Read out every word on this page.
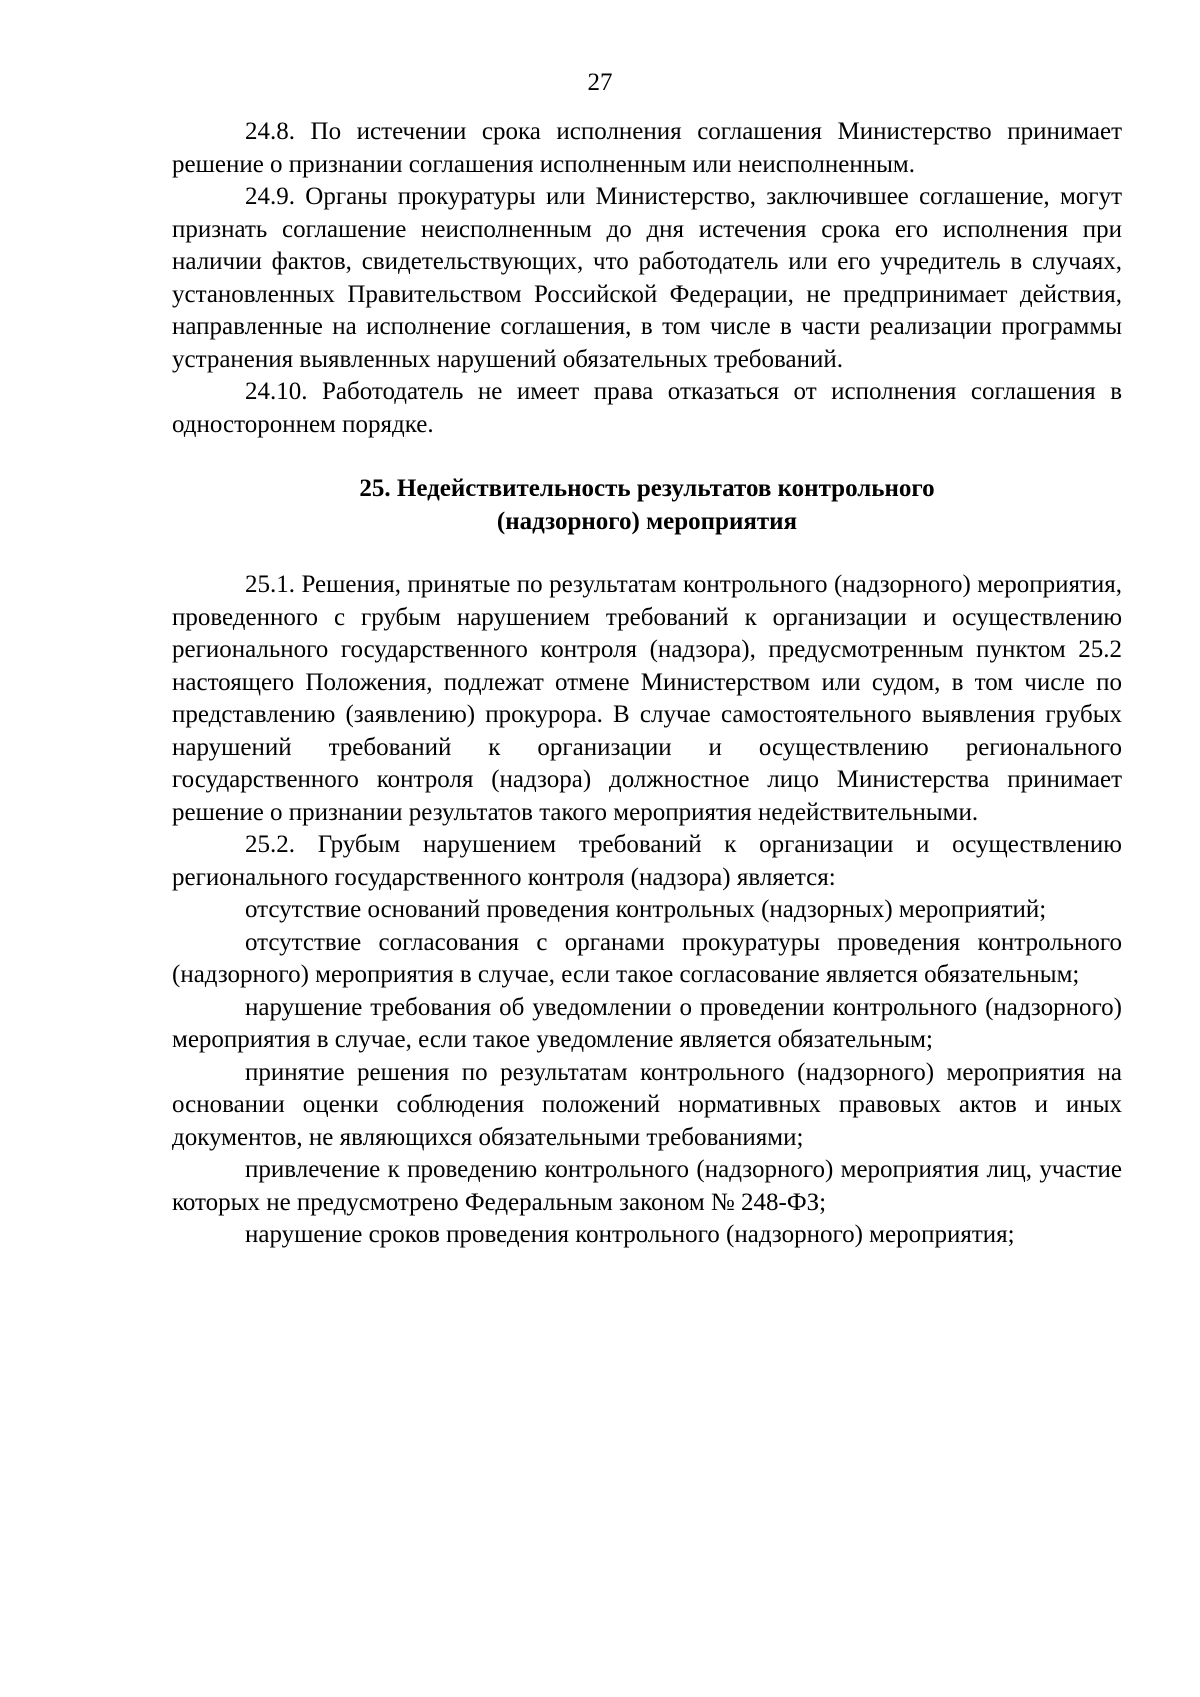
27

24.8. По истечении срока исполнения соглашения Министерство принимает решение о признании соглашения исполненным или неисполненным.

24.9. Органы прокуратуры или Министерство, заключившее соглашение, могут признать соглашение неисполненным до дня истечения срока его исполнения при наличии фактов, свидетельствующих, что работодатель или его учредитель в случаях, установленных Правительством Российской Федерации, не предпринимает действия, направленные на исполнение соглашения, в том числе в части реализации программы устранения выявленных нарушений обязательных требований.

24.10. Работодатель не имеет права отказаться от исполнения соглашения в одностороннем порядке.

25. Недействительность результатов контрольного
(надзорного) мероприятия

25.1. Решения, принятые по результатам контрольного (надзорного) мероприятия, проведенного с грубым нарушением требований к организации и осуществлению регионального государственного контроля (надзора), предусмотренным пунктом 25.2 настоящего Положения, подлежат отмене Министерством или судом, в том числе по представлению (заявлению) прокурора. В случае самостоятельного выявления грубых нарушений требований к организации и осуществлению регионального государственного контроля (надзора) должностное лицо Министерства принимает решение о признании результатов такого мероприятия недействительными.

25.2. Грубым нарушением требований к организации и осуществлению регионального государственного контроля (надзора) является:

отсутствие оснований проведения контрольных (надзорных) мероприятий;

отсутствие согласования с органами прокуратуры проведения контрольного (надзорного) мероприятия в случае, если такое согласование является обязательным;

нарушение требования об уведомлении о проведении контрольного (надзорного) мероприятия в случае, если такое уведомление является обязательным;

принятие решения по результатам контрольного (надзорного) мероприятия на основании оценки соблюдения положений нормативных правовых актов и иных документов, не являющихся обязательными требованиями;

привлечение к проведению контрольного (надзорного) мероприятия лиц, участие которых не предусмотрено Федеральным законом № 248-ФЗ;

нарушение сроков проведения контрольного (надзорного) мероприятия;
